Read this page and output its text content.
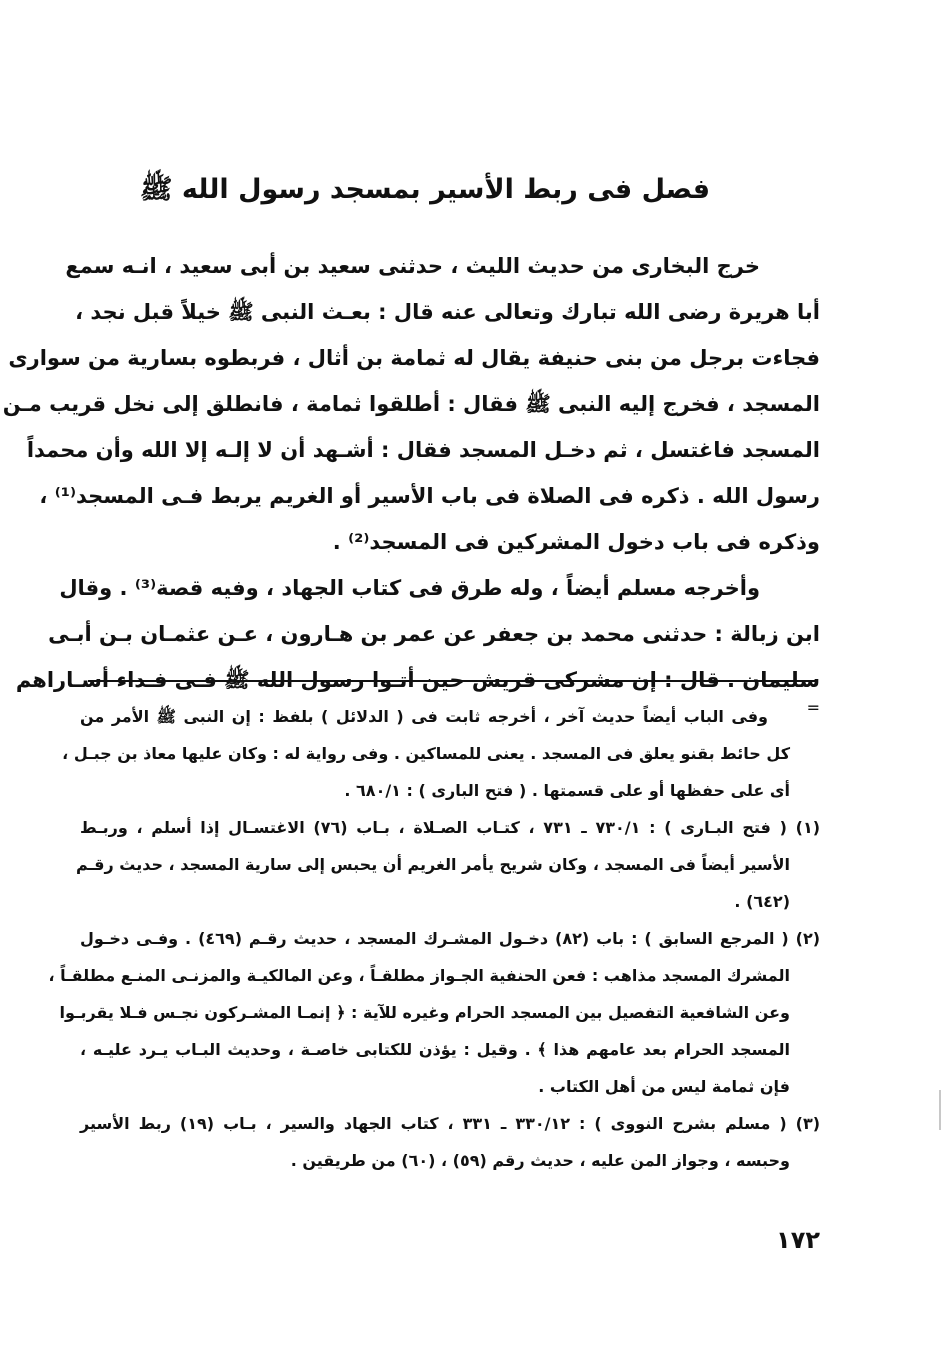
فصل فى ربط الأسير بمسجد رسول الله ﷺ
خرج البخارى من حديث الليث ، حدثنى سعيد بن أبى سعيد ، انـه سمع
أبا هريرة رضى الله تبارك وتعالى عنه قال : بعـث النبى ﷺ خيلاً قبل نجد ،
فجاءت برجل من بنى حنيفة يقال له ثمامة بن أثال ، فربطوه بسارية من سوارى
المسجد ، فخرج إليه النبى ﷺ فقال : أطلقوا ثمامة ، فانطلق إلى نخل قريب مـن
المسجد فاغتسل ، ثم دخـل المسجد فقال : أشـهد أن لا إلـه إلا الله وأن محمداً
رسول الله . ذكره فى الصلاة فى باب الأسير أو الغريم يربط فـى المسجد⁽¹⁾ ،
وذكره فى باب دخول المشركين فى المسجد⁽²⁾ .
وأخرجه مسلم أيضاً ، وله طرق فى كتاب الجهاد ، وفيه قصة⁽³⁾ . وقال
ابن زبالة : حدثنى محمد بن جعفر عن عمر بن هـارون ، عـن عثمـان بـن أبـى
سليمان . قال : إن مشركى قريش حين أتـوا رسول الله ﷺ فـى فـداء أسـاراهم
=
وفى الباب أيضاً حديث آخر ، أخرجه ثابت فى ( الدلائل ) بلفظ : إن النبى ﷺ الأمر من
كل حائط بقنو يعلق فى المسجد . يعنى للمساكين . وفى رواية له : وكان عليها معاذ بن جبـل ،
أى على حفظها أو على قسمتها . ( فتح البارى ) : ٦٨٠/١ .
(١) ( فتح البـارى ) : ٧٣٠/١ ـ ٧٣١ ، كتـاب الصـلاة ، بـاب (٧٦) الاغتسـال إذا أسلم ، وربـط
الأسير أيضاً فى المسجد ، وكان شريح يأمر الغريم أن يحبس إلى سارية المسجد ، حديث رقـم
(٦٤٢) .
(٢) ( المرجع السابق ) : باب (٨٢) دخـول المشـرك المسجد ، حديث رقـم (٤٦٩) . وفـى دخـول
المشرك المسجد مذاهب : فعن الحنفية الجـواز مطلقـاً ، وعن المالكيـة والمزنـى المنـع مطلقـاً ،
وعن الشافعية التفصيل بين المسجد الحرام وغيره للآية : ﴿ إنمـا المشـركون نجـس فـلا يقربـوا
المسجد الحرام بعد عامهم هذا ﴾ . وقيل : يؤذن للكتابى خاصـة ، وحديث البـاب يـرد عليـه ،
فإن ثمامة ليس من أهل الكتاب .
(٣) ( مسلم بشرح النووى ) : ٣٣٠/١٢ ـ ٣٣١ ، كتاب الجهاد والسير ، بـاب (١٩) ربط الأسير
وحبسه ، وجواز المن عليه ، حديث رقم (٥٩) ، (٦٠) من طريقين .
١٧٢
